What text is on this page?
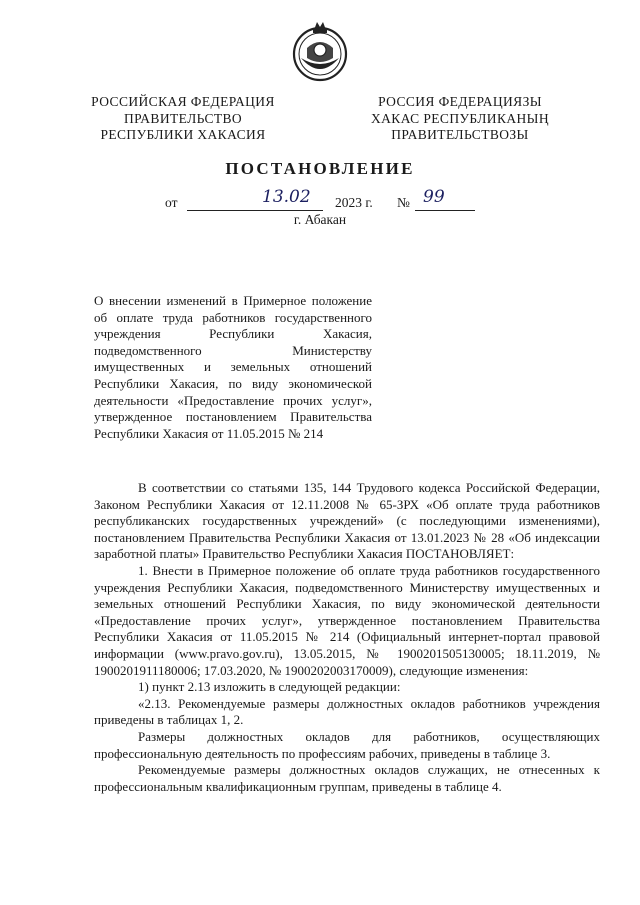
РОССИЙСКАЯ ФЕДЕРАЦИЯ
ПРАВИТЕЛЬСТВО
РЕСПУБЛИКИ ХАКАСИЯ
РОССИЯ ФЕДЕРАЦИЯЗЫ
ХАКАС РЕСПУБЛИКАНЫҢ
ПРАВИТЕЛЬСТВОЗЫ
ПОСТАНОВЛЕНИЕ
от	13.02 2023 г. № 99
г. Абакан
О внесении изменений в Примерное положение об оплате труда работников государственного учреждения Республики Хакасия, подведомственного Министерству имущественных и земельных отношений Республики Хакасия, по виду экономической деятельности «Предоставление прочих услуг», утвержденное постановлением Правительства Республики Хакасия от 11.05.2015 № 214

В соответствии со статьями 135, 144 Трудового кодекса Российской Федерации, Законом Республики Хакасия от 12.11.2008 № 65-ЗРХ «Об оплате труда работников республиканских государственных учреждений» (с последующими изменениями), постановлением Правительства Республики Хакасия от 13.01.2023 № 28 «Об индексации заработной платы» Правительство Республики Хакасия ПОСТАНОВЛЯЕТ:

1. Внести в Примерное положение об оплате труда работников государственного учреждения Республики Хакасия, подведомственного Министерству имущественных и земельных отношений Республики Хакасия, по виду экономической деятельности «Предоставление прочих услуг», утвержденное постановлением Правительства Республики Хакасия от 11.05.2015 № 214 (Официальный интернет-портал правовой информации (www.pravo.gov.ru), 13.05.2015, № 1900201505130005; 18.11.2019, № 1900201911180006; 17.03.2020, № 1900202003170009), следующие изменения:

1) пункт 2.13 изложить в следующей редакции:

«2.13. Рекомендуемые размеры должностных окладов работников учреждения приведены в таблицах 1, 2.

Размеры должностных окладов для работников, осуществляющих профессиональную деятельность по профессиям рабочих, приведены в таблице 3.

Рекомендуемые размеры должностных окладов служащих, не отнесенных к профессиональным квалификационным группам, приведены в таблице 4.
